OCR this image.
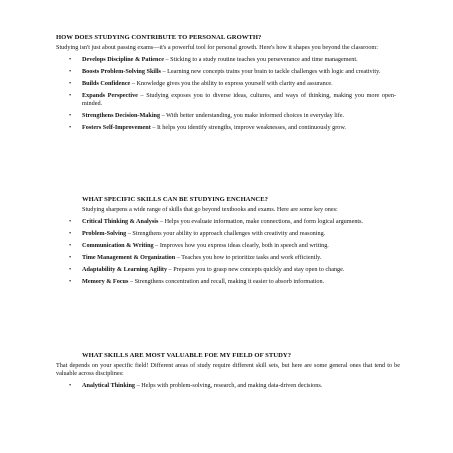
HOW DOES STUDYING CONTRIBUTE TO PERSONAL GROWTH?
Studying isn't just about passing exams—it's a powerful tool for personal growth. Here's how it shapes you beyond the classroom:
• Develops Discipline & Patience – Sticking to a study routine teaches you perseverance and time management.
• Boosts Problem-Solving Skills – Learning new concepts trains your brain to tackle challenges with logic and creativity.
• Builds Confidence – Knowledge gives you the ability to express yourself with clarity and assurance.
• Expands Perspective – Studying exposes you to diverse ideas, cultures, and ways of thinking, making you more open-minded.
• Strengthens Decision-Making – With better understanding, you make informed choices in everyday life.
• Fosters Self-Improvement – It helps you identify strengths, improve weaknesses, and continuously grow.
WHAT SPECIFIC SKILLS CAN BE STUDYING ENCHANCE?
Studying sharpens a wide range of skills that go beyond textbooks and exams. Here are some key ones:
• Critical Thinking & Analysis – Helps you evaluate information, make connections, and form logical arguments.
• Problem-Solving – Strengthens your ability to approach challenges with creativity and reasoning.
• Communication & Writing – Improves how you express ideas clearly, both in speech and writing.
• Time Management & Organization – Teaches you how to prioritize tasks and work efficiently.
• Adaptability & Learning Agility – Prepares you to grasp new concepts quickly and stay open to change.
• Memory & Focus – Strengthens concentration and recall, making it easier to absorb information.
WHAT SKILLS ARE MOST VALUABLE FOE MY FIELD OF STUDY?
That depends on your specific field! Different areas of study require different skill sets, but here are some general ones that tend to be valuable across disciplines:
• Analytical Thinking – Helps with problem-solving, research, and making data-driven decisions.
